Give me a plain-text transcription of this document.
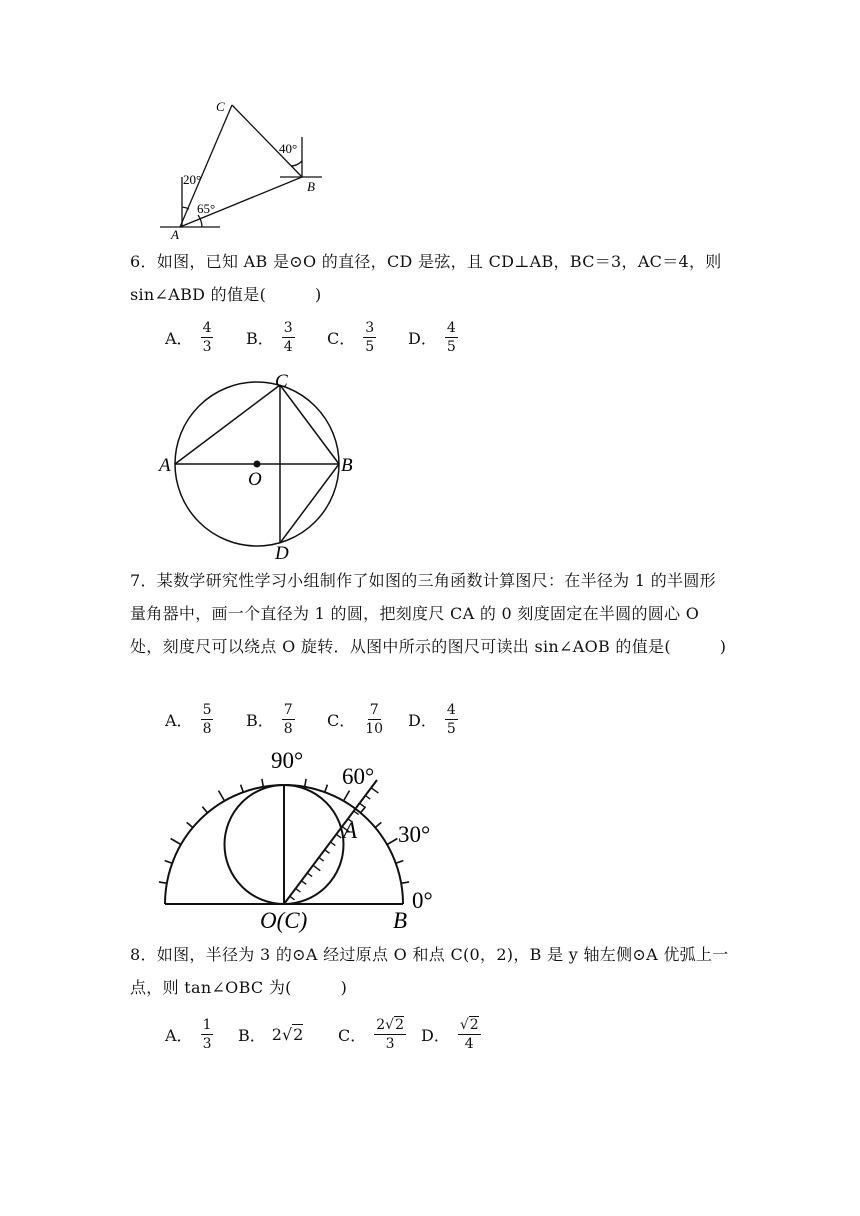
C
B
A
40°
20°
65°
6．如图，已知 AB 是⊙O 的直径，CD 是弦，且 CD⊥AB，BC＝3，AC＝4，则 sin∠ABD 的值是(　　　)
A． $\frac{4}{3}$ B． $\frac{3}{4}$ C． $\frac{3}{5}$ D． $\frac{4}{5}$
C
A	B
O
D
7．某数学研究性学习小组制作了如图的三角函数计算图尺：在半径为 1 的半圆形量角器中，画一个直径为 1 的圆，把刻度尺 CA 的 0 刻度固定在半圆的圆心 O 处，刻度尺可以绕点 O 旋转．从图中所示的图尺可读出 sin∠AOB 的值是(　　　)
A． $\frac{5}{8}$ B． $\frac{7}{8}$ C． $\frac{7}{10}$ D． $\frac{4}{5}$
90°
60°
30°
0°
A
O(C)	B
8．如图，半径为 3 的⊙A 经过原点 O 和点 C(0，2)，B 是 y 轴左侧⊙A 优弧上一点，则 tan∠OBC 为(　　　)
A． $\frac{1}{3}$ B． 2 √ 2 C． $\frac{2√2}{3}$ D． $\frac{√2}{4}$
